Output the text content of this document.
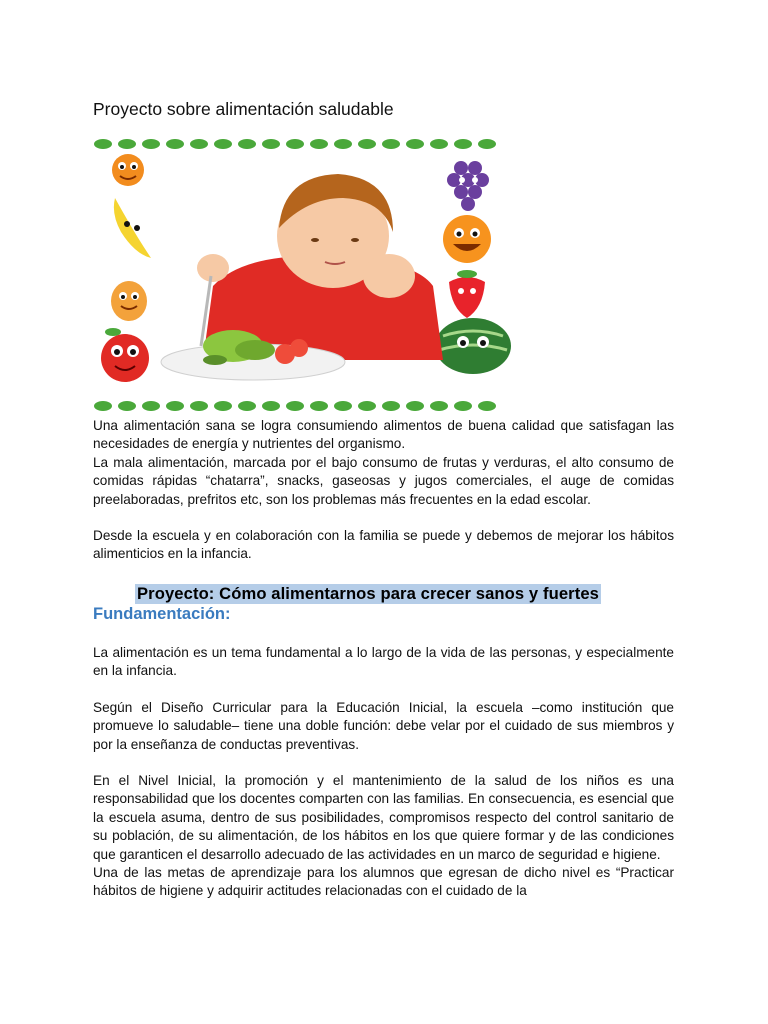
Proyecto sobre alimentación saludable
Mi Sala Amarilla

Una alimentación sana se logra consumiendo alimentos de buena calidad que satisfagan las necesidades de energía y nutrientes del organismo.

La mala alimentación, marcada por el bajo consumo de frutas y verduras, el alto consumo de comidas rápidas “chatarra”, snacks, gaseosas y jugos comerciales, el auge de comidas preelaboradas, prefritos etc, son los problemas más frecuentes en la edad escolar.

Desde la escuela y en colaboración con la familia se puede y debemos de mejorar los hábitos alimenticios en la infancia.

Proyecto: Cómo alimentarnos para crecer sanos y fuertes

Fundamentación:

La alimentación es un tema fundamental a lo largo de la vida de las personas, y especialmente en la infancia.

Según el Diseño Curricular para la Educación Inicial, la escuela –como institución que promueve lo saludable– tiene una doble función: debe velar por el cuidado de sus miembros y por la enseñanza de conductas preventivas.

En el Nivel Inicial, la promoción y el mantenimiento de la salud de los niños es una responsabilidad que los docentes comparten con las familias. En consecuencia, es esencial que la escuela asuma, dentro de sus posibilidades, compromisos respecto del control sanitario de su población, de su alimentación, de los hábitos en los que quiere formar y de las condiciones que garanticen el desarrollo adecuado de las actividades en un marco de seguridad e higiene.

Una de las metas de aprendizaje para los alumnos que egresan de dicho nivel es “Practicar hábitos de higiene y adquirir actitudes relacionadas con el cuidado de la
